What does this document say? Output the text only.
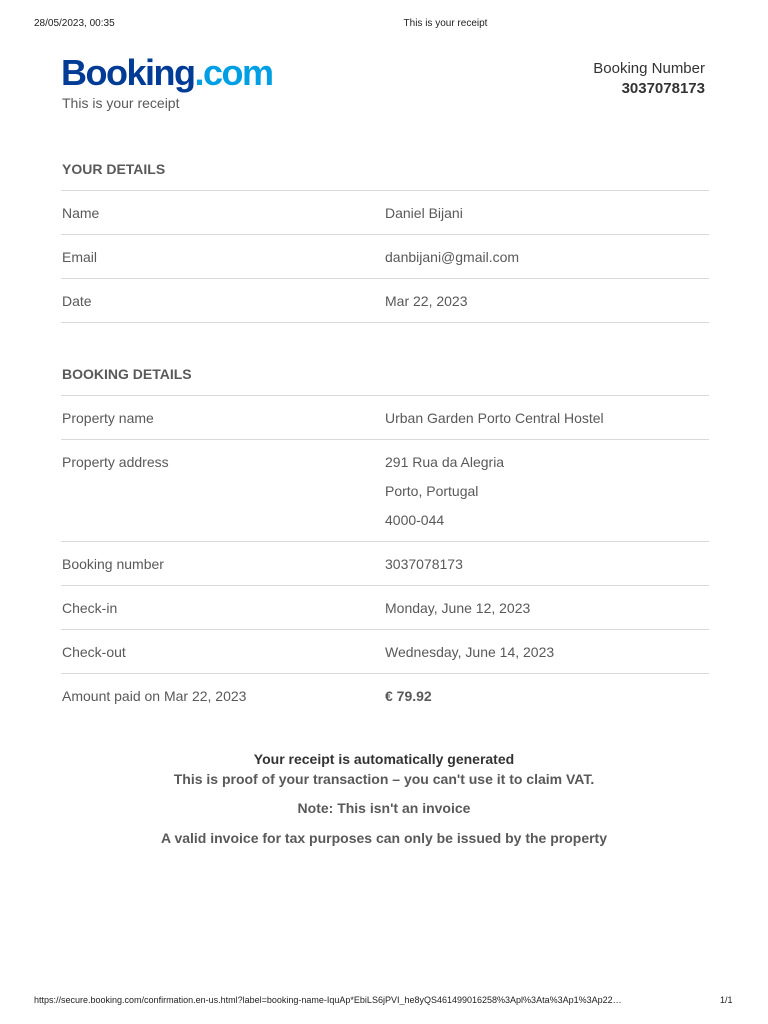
28/05/2023, 00:35	This is your receipt
Booking.com
This is your receipt
Booking Number
3037078173
YOUR DETAILS
Name	Daniel Bijani
Email	danbijani@gmail.com
Date	Mar 22, 2023
BOOKING DETAILS
Property name	Urban Garden Porto Central Hostel
Property address	291 Rua da Alegria
Porto, Portugal
4000-044
Booking number	3037078173
Check-in	Monday, June 12, 2023
Check-out	Wednesday, June 14, 2023
Amount paid on Mar 22, 2023	€ 79.92
Your receipt is automatically generated
This is proof of your transaction – you can't use it to claim VAT.
Note: This isn't an invoice
A valid invoice for tax purposes can only be issued by the property
https://secure.booking.com/confirmation.en-us.html?label=booking-name-IquAp*EbiLS6jPVI_he8yQS461499016258%3Apl%3Ata%3Ap1%3Ap22…	1/1
